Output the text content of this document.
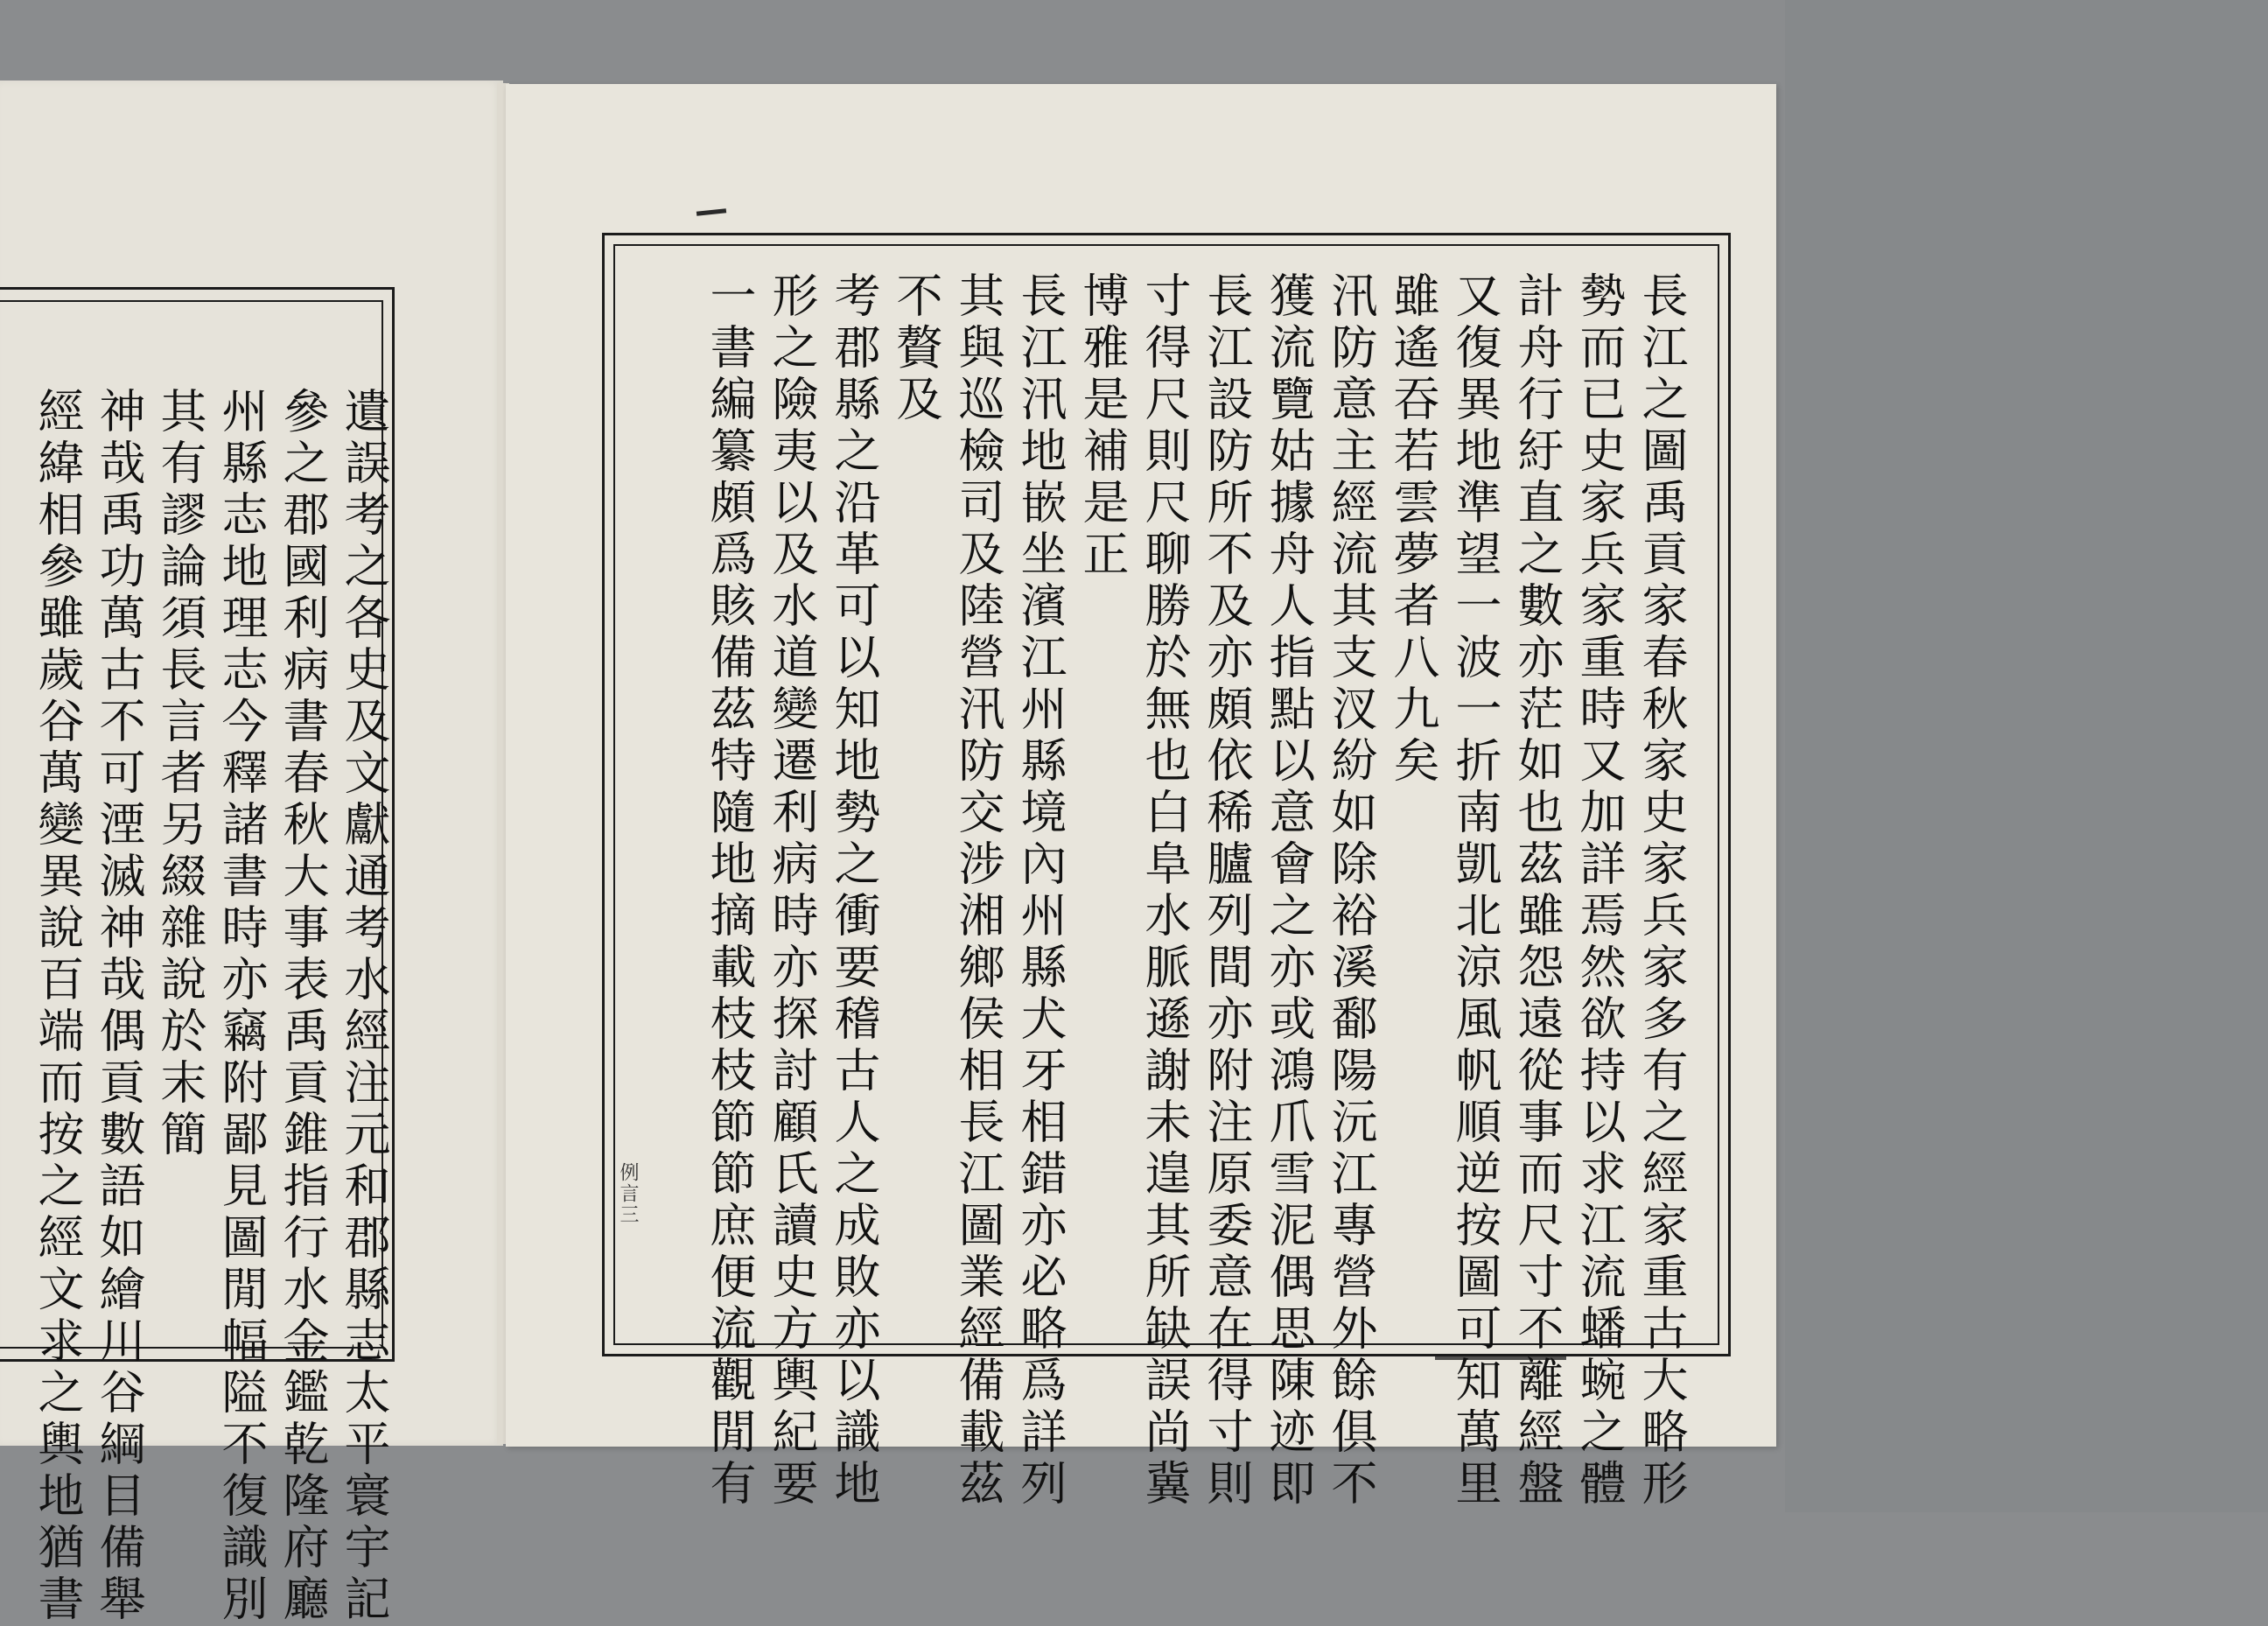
遺誤考之各史及文獻通考水經注元和郡縣志太平寰宇記
參之郡國利病書春秋大事表禹貢錐指行水金鑑乾隆府廳
州縣志地理志今釋諸書時亦竊附鄙見圖閒幅隘不復識別
其有謬論須長言者另綴雜說於末簡
神哉禹功萬古不可湮滅神哉偶貢數語如繪川谷綱目備舉
經緯相參雖歲谷萬變異說百端而按之經文求之輿地猶書	長江之圖禹貢家春秋家史家兵家多有之經家重古大略形
勢而已史家兵家重時又加詳焉然欲持以求江流蟠蜿之體
計舟行紆直之數亦茫如也茲雖怨遠從事而尺寸不離經盤
又復異地準望一波一折南凱北涼風帆順逆按圖可知萬里
雖遙吞若雲夢者八九矣
汛防意主經流其支汊紛如除裕溪鄱陽沅江專營外餘俱不
獲流覽姑據舟人指點以意會之亦或鴻爪雪泥偶思陳迹即
長江設防所不及亦頗依稀臚列間亦附注原委意在得寸則
寸得尺則尺聊勝於無也白阜水脈遜謝未遑其所缺誤尚冀
博雅是補是正
長江汛地嵌坐濱江州縣境內州縣犬牙相錯亦必略爲詳列
其與巡檢司及陸營汛防交涉湘鄉侯相長江圖業經備載茲
不贅及
考郡縣之沿革可以知地勢之衝要稽古人之成敗亦以識地
形之險夷以及水道變遷利病時亦探討顧氏讀史方輿紀要
一書編纂頗爲賅備茲特隨地摘載枝枝節節庶便流觀閒有
例言三
